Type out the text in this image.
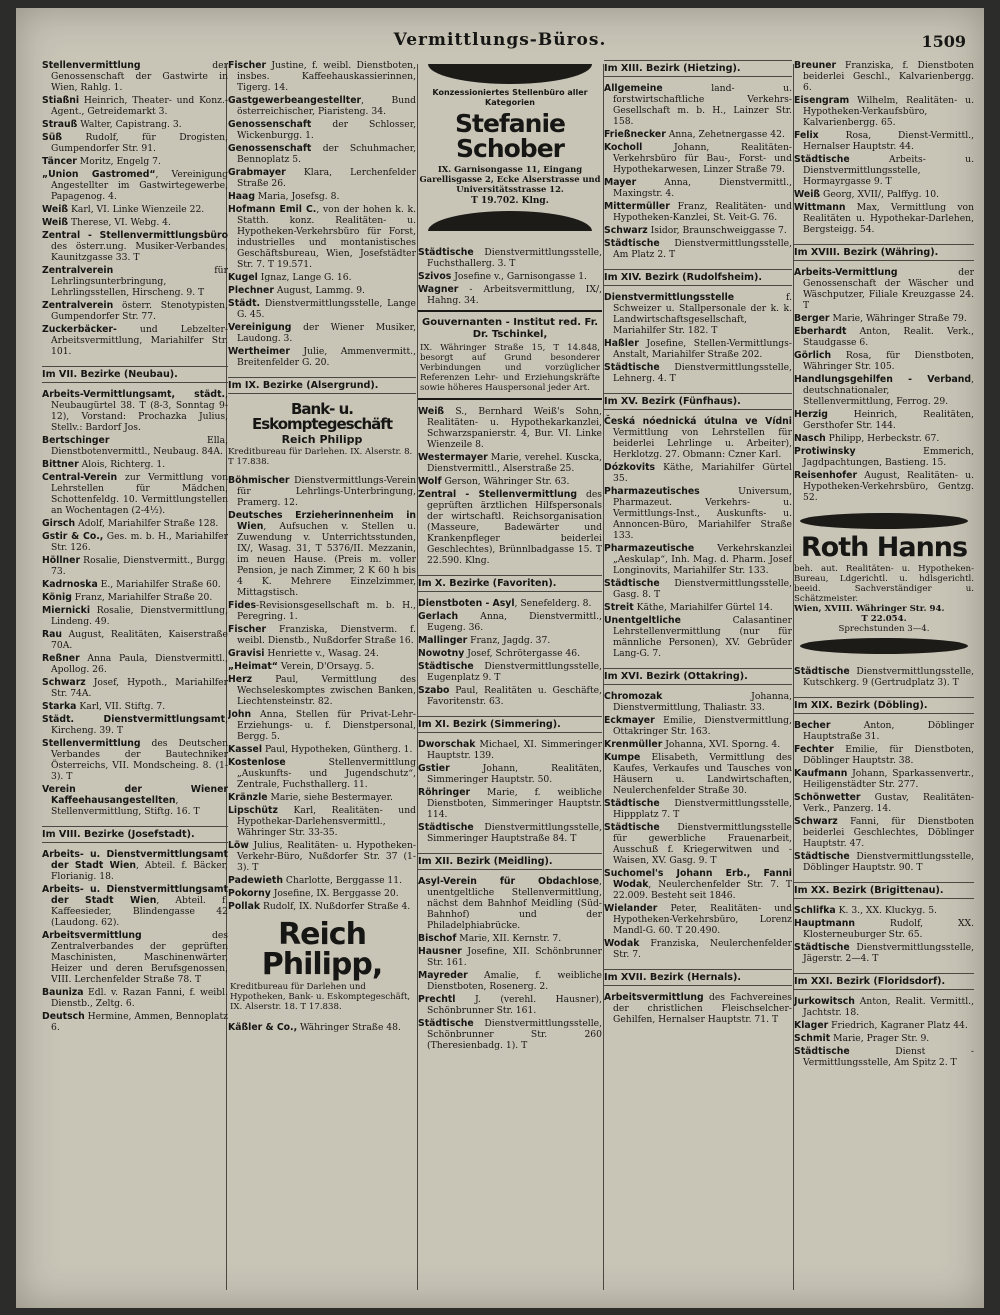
Vermittlungs-Büros.	1509
Stellenvermittlung der Genossenschaft der Gastwirte in Wien, Rahlg. 1.
Stiaßni Heinrich, Theater- und Konz.-Agent., Getreidemarkt 3.
Strauß Walter, Capistrang. 3.
Süß Rudolf, für Drogisten, Gumpendorfer Str. 91.
Täncer Moritz, Engelg 7.
„Union Gastromed“, Vereinigung Angestellter im Gastwirtegewerbe, Papagenog. 4.
Weiß Karl, VI. Linke Wienzeile 22.
Weiß Therese, VI. Webg. 4.
Zentral - Stellenvermittlungsbüro des österr.ung. Musiker-Verbandes, Kaunitzgasse 33. T
Zentralverein für Lehrlingsunterbringung, Lehrlingsstellen, Hirscheng. 9. T
Zentralverein österr. Stenotypisten, Gumpendorfer Str. 77.
Zuckerbäcker- und Lebzelter-Arbeitsvermittlung, Mariahilfer Str. 101.
Im VII. Bezirke (Neubau).
Arbeits-Vermittlungsamt, städt., Neubaugürtel 38. T (8-3, Sonntag 9-12), Vorstand: Prochazka Julius, Stellv.: Bardorf Jos.
Bertschinger Ella, Dienstbotenvermittl., Neubaug. 84A.
Bittner Alois, Richterg. 1.
Central-Verein zur Vermittlung von Lehrstellen für Mädchen, Schottenfeldg. 10. Vermittlungstellen an Wochentagen (2-4½).
Girsch Adolf, Mariahilfer Straße 128.
Gstir & Co., Ges. m. b. H., Mariahilfer Str. 126.
Höllner Rosalie, Dienstvermitt., Burgg. 73.
Kadrnoska E., Mariahilfer Straße 60.
König Franz, Mariahilfer Straße 20.
Miernicki Rosalie, Dienstvermittlung, Lindeng. 49.
Rau August, Realitäten, Kaiserstraße 70A.
Reßner Anna Paula, Dienstvermittl., Apollog. 26.
Schwarz Josef, Hypoth., Mariahilfer Str. 74A.
Starka Karl, VII. Stiftg. 7.
Städt. Dienstvermittlungsamt, Kircheng. 39. T
Stellenvermittlung des Deutschen Verbandes der Bautechniker Österreichs, VII. Mondscheing. 8. (1-3). T
Verein der Wiener Kaffeehausangestellten, Stellenvermittlung, Stiftg. 16. T
Im VIII. Bezirke (Josefstadt).
Arbeits- u. Dienstvermittlungsamt der Stadt Wien, Abteil. f. Bäcker, Florianig. 18.
Arbeits- u. Dienstvermittlungsamt der Stadt Wien, Abteil. f. Kaffeesieder, Blindengasse 42 (Laudong. 62).
Arbeitsvermittlung des Zentralverbandes der geprüften Maschinisten, Maschinenwärter, Heizer und deren Berufsgenossen, VIII. Lerchenfelder Straße 78. T
Bauniza Edl. v. Razan Fanni, f. weibl. Dienstb., Zeltg. 6.
Deutsch Hermine, Ammen, Bennoplatz 6.
Fischer Justine, f. weibl. Dienstboten, insbes. Kaffeehauskassierinnen, Tigerg. 14.
Gastgewerbeangestellter, Bund österreichischer, Piaristeng. 34.
Genossenschaft der Schlosser, Wickenburgg. 1.
Genossenschaft der Schuhmacher, Bennoplatz 5.
Grabmayer Klara, Lerchenfelder Straße 26.
Haag Maria, Josefsg. 8.
Hofmann Emil C., von der hohen k. k. Statth. konz. Realitäten- u. Hypotheken-Verkehrsbüro für Forst, industrielles und montanistisches Geschäftsbureau, Wien, Josefstädter Str. 7. T 19.571.
Kugel Ignaz, Lange G. 16.
Plechner August, Lammg. 9.
Städt. Dienstvermittlungsstelle, Lange G. 45.
Vereinigung der Wiener Musiker, Laudong. 3.
Wertheimer Julie, Ammenvermitt., Breitenfelder G. 20.
Im IX. Bezirke (Alsergrund).
Bank- u. Eskomptegeschäft
Reich Philipp
Kreditbureau für Darlehen. IX. Alserstr. 8. T 17.838.
Böhmischer Dienstvermittlungs-Verein für Lehrlings-Unterbringung, Pramerg. 12.
Deutsches Erzieherinnenheim in Wien, Aufsuchen v. Stellen u. Zuwendung v. Unterrichtsstunden, IX/, Wasag. 31, T 5376/II. Mezzanin, im neuen Hause. (Preis m. voller Pension, je nach Zimmer, 2 K 60 h bis 4 K. Mehrere Einzelzimmer, Mittagstisch.
Fides-Revisionsgesellschaft m. b. H., Peregring. 1.
Fischer Franziska, Dienstverm. f. weibl. Dienstb., Nußdorfer Straße 16.
Gravisi Henriette v., Wasag. 24.
„Heimat“ Verein, D'Orsayg. 5.
Herz Paul, Vermittlung des Wechseleskomptes zwischen Banken, Liechtensteinstr. 82.
John Anna, Stellen für Privat-Lehr-Erziehungs- u. f. Dienstpersonal, Bergg. 5.
Kassel Paul, Hypotheken, Güntherg. 1.
Kostenlose Stellenvermittlung „Auskunfts- und Jugendschutz“, Zentrale, Fuchsthallerg. 11.
Kränzle Marie, siehe Bestermayer.
Lipschütz Karl, Realitäten- und Hypothekar-Darlehensvermittl., Währinger Str. 33-35.
Löw Julius, Realitäten- u. Hypotheken-Verkehr-Büro, Nußdorfer Str. 37 (1-3). T
Padewieth Charlotte, Berggasse 11.
Pokorny Josefine, IX. Berggasse 20.
Pollak Rudolf, IX. Nußdorfer Straße 4.
Reich Philipp,
Kreditbureau für Darlehen und Hypotheken, Bank- u. Eskomptegeschäft, IX. Alserstr. 18. T 17.838.
Käßler & Co., Währinger Straße 48.
Konzessioniertes Stellenbüro aller Kategorien
Stefanie Schober
IX. Garnisongasse 11, Eingang Garellisgasse 2, Ecke Alserstrasse und Universitätsstrasse 12.
T 19.702. Klng.
Städtische Dienstvermittlungsstelle, Fuchsthallerg. 3. T
Szivos Josefine v., Garnisongasse 1.
Wagner - Arbeitsvermittlung, IX/, Hahng. 34.
Gouvernanten - Institut red. Fr. Dr. Tschinkel,
IX. Währinger Straße 15, T 14.848, besorgt auf Grund besonderer Verbindungen und vorzüglicher Referenzen Lehr- und Erziehungskräfte sowie höheres Hauspersonal jeder Art.
Weiß S., Bernhard Weiß's Sohn, Realitäten- u. Hypothekarkanzlei, Schwarzspanierstr. 4, Bur. VI. Linke Wienzeile 8.
Westermayer Marie, verehel. Kuscka, Dienstvermittl., Alserstraße 25.
Wolf Gerson, Währinger Str. 63.
Zentral - Stellenvermittlung des geprüften ärztlichen Hilfspersonals der wirtschaftl. Reichsorganisation (Masseure, Badewärter und Krankenpfleger beiderlei Geschlechtes), Brünnlbadgasse 15. T 22.590. Klng.
Im X. Bezirke (Favoriten).
Dienstboten - Asyl, Senefelderg. 8.
Gerlach Anna, Dienstvermittl., Eugeng. 36.
Mallinger Franz, Jagdg. 37.
Nowotny Josef, Schrötergasse 46.
Städtische Dienstvermittlungsstelle, Eugenplatz 9. T
Szabo Paul, Realitäten u. Geschäfte, Favoritenstr. 63.
Im XI. Bezirk (Simmering).
Dworschak Michael, XI. Simmeringer Hauptstr. 139.
Gstier Johann, Realitäten, Simmeringer Hauptstr. 50.
Röhringer Marie, f. weibliche Dienstboten, Simmeringer Hauptstr. 114.
Städtische Dienstvermittlungsstelle, Simmeringer Hauptstraße 84. T
Im XII. Bezirk (Meidling).
Asyl-Verein für Obdachlose, unentgeltliche Stellenvermittlung, nächst dem Bahnhof Meidling (Süd-Bahnhof) und der Philadelphiabrücke.
Bischof Marie, XII. Kernstr. 7.
Hausner Josefine, XII. Schönbrunner Str. 161.
Mayreder Amalie, f. weibliche Dienstboten, Rosenerg. 2.
Prechtl J. (verehl. Hausner), Schönbrunner Str. 161.
Städtische Dienstvermittlungsstelle, Schönbrunner Str. 260 (Theresienbadg. 1). T
Im XIII. Bezirk (Hietzing).
Allgemeine land- u. forstwirtschaftliche Verkehrs-Gesellschaft m. b. H., Lainzer Str. 158.
Frießnecker Anna, Zehetnergasse 42.
Kocholl Johann, Realitäten-Verkehrsbüro für Bau-, Forst- und Hypothekarwesen, Linzer Straße 79.
Mayer Anna, Dienstvermittl., Maxingstr. 4.
Mittermüller Franz, Realitäten- und Hypotheken-Kanzlei, St. Veit-G. 76.
Schwarz Isidor, Braunschweiggasse 7.
Städtische Dienstvermittlungsstelle, Am Platz 2. T
Im XIV. Bezirk (Rudolfsheim).
Dienstvermittlungsstelle f. Schweizer u. Stallpersonale der k. k. Landwirtschaftsgesellschaft, Mariahilfer Str. 182. T
Haßler Josefine, Stellen-Vermittlungs-Anstalt, Mariahilfer Straße 202.
Städtische Dienstvermittlungsstelle, Lehnerg. 4. T
Im XV. Bezirk (Fünfhaus).
Česká nóednická útulna ve Vídni Vermittlung von Lehrstellen für beiderlei Lehrlinge u. Arbeiter), Herklotzg. 27. Obmann: Czner Karl.
Dózkovits Käthe, Mariahilfer Gürtel 35.
Pharmazeutisches Universum, Pharmazeut. Verkehrs- u. Vermittlungs-Inst., Auskunfts- u. Annoncen-Büro, Mariahilfer Straße 133.
Pharmazeutische Verkehrskanzlei „Aeskulap“, Inh. Mag. d. Pharm. Josef Longinovits, Mariahilfer Str. 133.
Städtische Dienstvermittlungsstelle, Gasg. 8. T
Streit Käthe, Mariahilfer Gürtel 14.
Unentgeltliche Calasantiner Lehrstellenvermittlung (nur für männliche Personen), XV. Gebrüder Lang-G. 7.
Im XVI. Bezirk (Ottakring).
Chromozak Johanna, Dienstvermittlung, Thaliastr. 33.
Eckmayer Emilie, Dienstvermittlung, Ottakringer Str. 163.
Krenmüller Johanna, XVI. Sporng. 4.
Kumpe Elisabeth, Vermittlung des Kaufes, Verkaufes und Tausches von Häusern u. Landwirtschaften, Neulerchenfelder Straße 30.
Städtische Dienstvermittlungsstelle, Hippplatz 7. T
Städtische Dienstvermittlungsstelle für gewerbliche Frauenarbeit, Ausschuß f. Kriegerwitwen und -Waisen, XV. Gasg. 9. T
Suchomel's Johann Erb., Fanni Wodak, Neulerchenfelder Str. 7. T 22.009. Besteht seit 1846.
Wielander Peter, Realitäten- und Hypotheken-Verkehrsbüro, Lorenz Mandl-G. 60. T 20.490.
Wodak Franziska, Neulerchenfelder Str. 7.
Im XVII. Bezirk (Hernals).
Arbeitsvermittlung des Fachvereines der christlichen Fleischselcher-Gehilfen, Hernalser Hauptstr. 71. T
Breuner Franziska, f. Dienstboten beiderlei Geschl., Kalvarienbergg. 6.
Eisengram Wilhelm, Realitäten- u. Hypotheken-Verkaufsbüro, Kalvarienbergg. 65.
Felix Rosa, Dienst-Vermittl., Hernalser Hauptstr. 44.
Städtische Arbeits- u. Dienstvermittlungsstelle, Hormayrgasse 9. T
Weiß Georg, XVII/, Palffyg. 10.
Wittmann Max, Vermittlung von Realitäten u. Hypothekar-Darlehen, Bergsteigg. 54.
Im XVIII. Bezirk (Währing).
Arbeits-Vermittlung der Genossenschaft der Wäscher und Wäschputzer, Filiale Kreuzgasse 24. T
Berger Marie, Währinger Straße 79.
Eberhardt Anton, Realit. Verk., Staudgasse 6.
Görlich Rosa, für Dienstboten, Währinger Str. 105.
Handlungsgehilfen - Verband, deutschnationaler, Stellenvermittlung, Ferrog. 29.
Herzig Heinrich, Realitäten, Gersthofer Str. 144.
Nasch Philipp, Herbeckstr. 67.
Protiwinsky Emmerich, Jagdpachtungen, Bastieng. 15.
Reisenhofer August, Realitäten- u. Hypotheken-Verkehrsbüro, Gentzg. 52.
Roth Hanns
beh. aut. Realitäten- u. Hypotheken-Bureau, Ldgerichtl. u. hdlsgerichtl. beeid. Sachverständiger u. Schätzmeister.
Wien, XVIII. Währinger Str. 94.
T 22.054.
Sprechstunden 3—4.
Städtische Dienstvermittlungsstelle, Kutschkerg. 9 (Gertrudplatz 3). T
Im XIX. Bezirk (Döbling).
Becher Anton, Döblinger Hauptstraße 31.
Fechter Emilie, für Dienstboten, Döblinger Hauptstr. 38.
Kaufmann Johann, Sparkassenvertr., Heiligenstädter Str. 277.
Schönwetter Gustav, Realitäten-Verk., Panzerg. 14.
Schwarz Fanni, für Dienstboten beiderlei Geschlechtes, Döblinger Hauptstr. 47.
Städtische Dienstvermittlungsstelle, Döblinger Hauptstr. 90. T
Im XX. Bezirk (Brigittenau).
Schlifka K. 3., XX. Kluckyg. 5.
Hauptmann Rudolf, XX. Klosterneuburger Str. 65.
Städtische Dienstvermittlungsstelle, Jägerstr. 2—4. T
Im XXI. Bezirk (Floridsdorf).
Jurkowitsch Anton, Realit. Vermittl., Jachtstr. 18.
Klager Friedrich, Kagraner Platz 44.
Schmit Marie, Prager Str. 9.
Städtische Dienst - Vermittlungsstelle, Am Spitz 2. T
